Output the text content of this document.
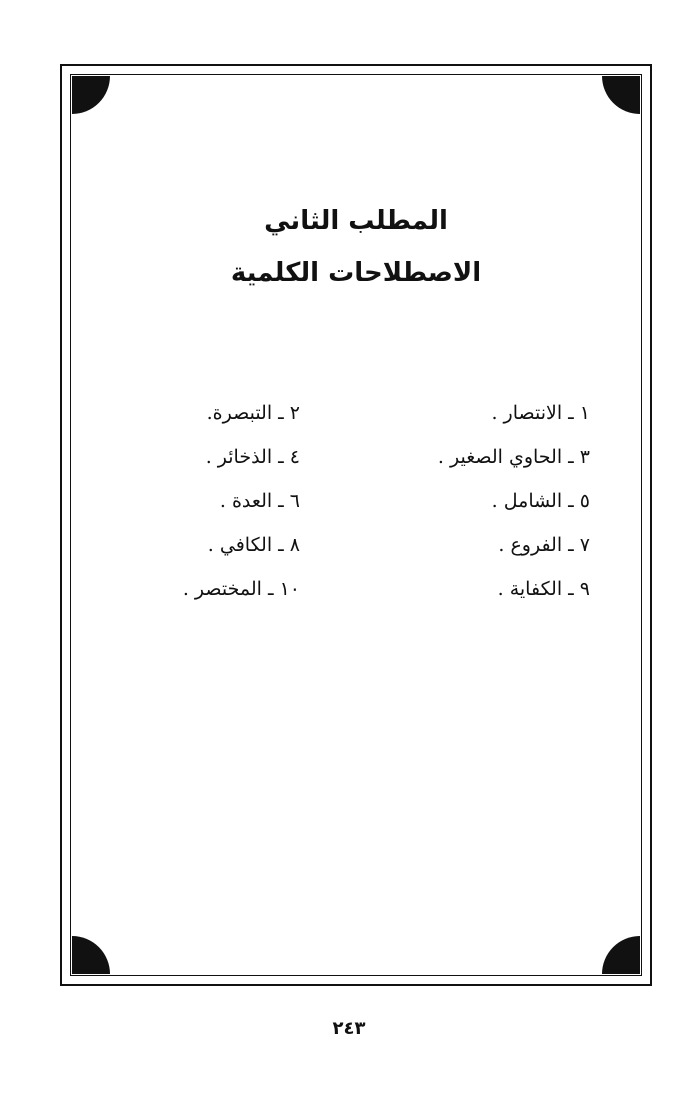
المطلب الثاني
الاصطلاحات الكلمية
١ ـ الانتصار .
٢ ـ التبصرة.
٣ ـ الحاوي الصغير .
٤ ـ الذخائر .
٥ ـ الشامل .
٦ ـ العدة .
٧ ـ الفروع .
٨ ـ الكافي .
٩ ـ الكفاية .
١٠ ـ المختصر .
٢٤٣
